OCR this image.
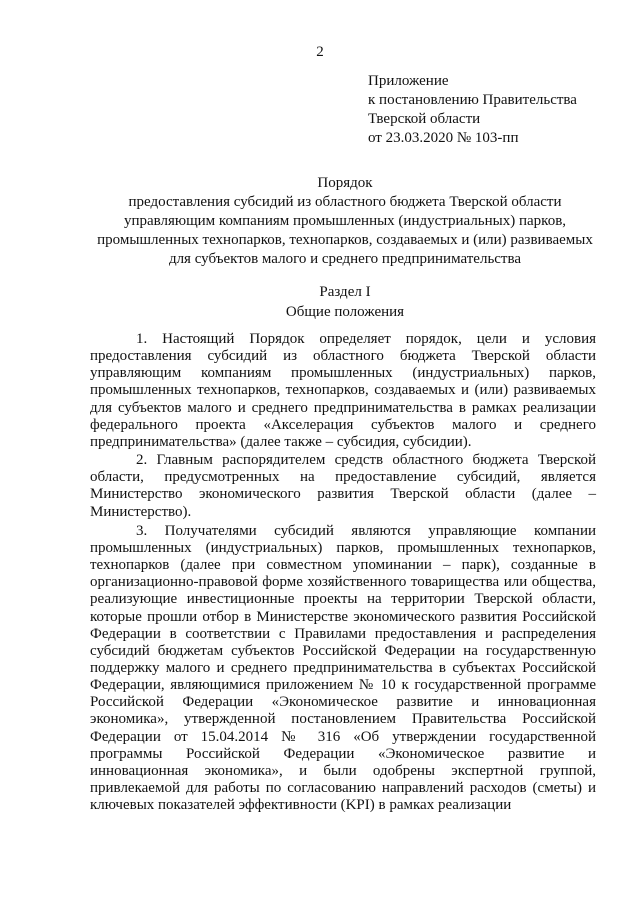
2
Приложение
к постановлению Правительства
Тверской области
от 23.03.2020 № 103-пп
Порядок
предоставления субсидий из областного бюджета Тверской области
управляющим компаниям промышленных (индустриальных) парков,
промышленных технопарков, технопарков, создаваемых и (или) развиваемых
для субъектов малого и среднего предпринимательства
Раздел I
Общие положения

1. Настоящий Порядок определяет порядок, цели и условия предоставления субсидий из областного бюджета Тверской области управляющим компаниям промышленных (индустриальных) парков, промышленных технопарков, технопарков, создаваемых и (или) развиваемых для субъектов малого и среднего предпринимательства в рамках реализации федерального проекта «Акселерация субъектов малого и среднего предпринимательства» (далее также – субсидия, субсидии).

2. Главным распорядителем средств областного бюджета Тверской области, предусмотренных на предоставление субсидий, является Министерство экономического развития Тверской области (далее – Министерство).

3. Получателями субсидий являются управляющие компании промышленных (индустриальных) парков, промышленных технопарков, технопарков (далее при совместном упоминании – парк), созданные в организационно-правовой форме хозяйственного товарищества или общества, реализующие инвестиционные проекты на территории Тверской области, которые прошли отбор в Министерстве экономического развития Российской Федерации в соответствии с Правилами предоставления и распределения субсидий бюджетам субъектов Российской Федерации на государственную поддержку малого и среднего предпринимательства в субъектах Российской Федерации, являющимися приложением № 10 к государственной программе Российской Федерации «Экономическое развитие и инновационная экономика», утвержденной постановлением Правительства Российской Федерации от 15.04.2014 № 316 «Об утверждении государственной программы Российской Федерации «Экономическое развитие и инновационная экономика», и были одобрены экспертной группой, привлекаемой для работы по согласованию направлений расходов (сметы) и ключевых показателей эффективности (KPI) в рамках реализации
